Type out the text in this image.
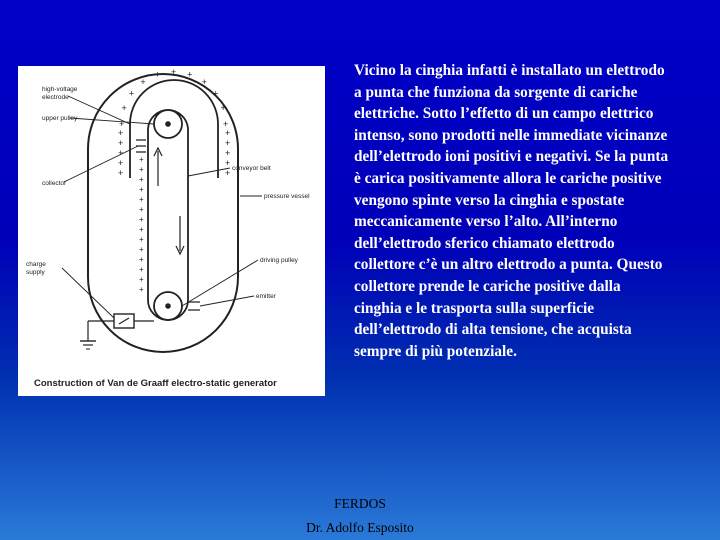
+
+
+
+
+ + +
+
+
+
+
+	+
+	+
+	+
+	+
+	+
+
+
+
+
+
+
+
+
+
+
+
+
+
+
high-voltage
electrode
upper pulley
collector
conveyor belt
pressure vessel
charge
supply
driving pulley
emitter
Construction of Van de Graaff electro-static generator

Vicino la cinghia infatti è installato un elettrodo a punta che funziona da sorgente di cariche elettriche. Sotto l’effetto di un campo elettrico intenso, sono prodotti nelle immediate vicinanze dell’elettrodo ioni positivi e negativi. Se la punta è carica positivamente allora le cariche positive vengono spinte verso la cinghia e spostate meccanicamente verso l’alto. All’interno dell’elettrodo sferico chiamato elettrodo collettore c’è un altro elettrodo a punta. Questo collettore prende le cariche positive dalla cinghia e le trasporta sulla superficie dell’elettrodo di alta tensione, che acquista sempre di più potenziale.

FERDOS
Dr. Adolfo Esposito
